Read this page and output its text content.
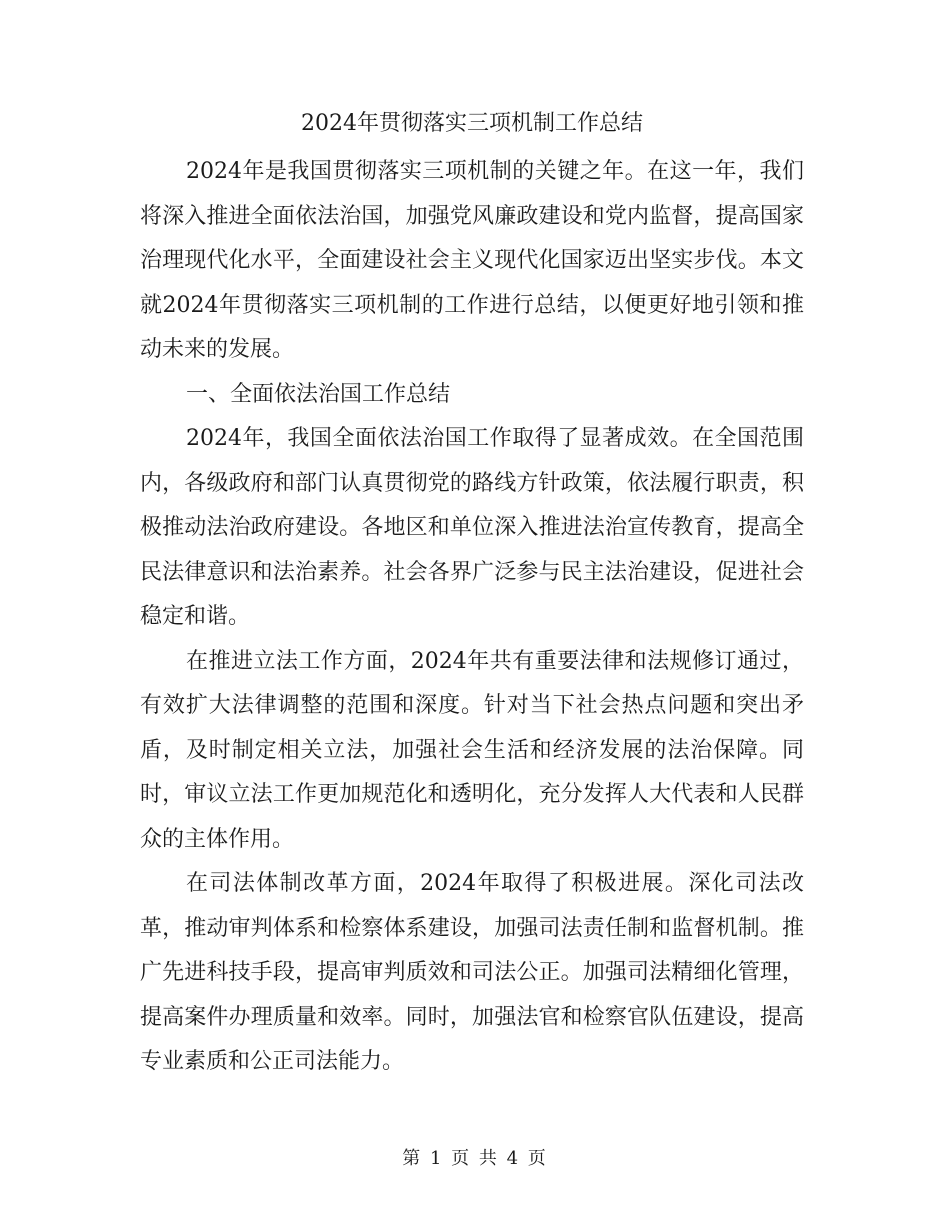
2024年贯彻落实三项机制工作总结

2024年是我国贯彻落实三项机制的关键之年。在这一年，我们将深入推进全面依法治国，加强党风廉政建设和党内监督，提高国家治理现代化水平，全面建设社会主义现代化国家迈出坚实步伐。本文就2024年贯彻落实三项机制的工作进行总结，以便更好地引领和推动未来的发展。

一、全面依法治国工作总结

2024年，我国全面依法治国工作取得了显著成效。在全国范围内，各级政府和部门认真贯彻党的路线方针政策，依法履行职责，积极推动法治政府建设。各地区和单位深入推进法治宣传教育，提高全民法律意识和法治素养。社会各界广泛参与民主法治建设，促进社会稳定和谐。

在推进立法工作方面，2024年共有重要法律和法规修订通过，有效扩大法律调整的范围和深度。针对当下社会热点问题和突出矛盾，及时制定相关立法，加强社会生活和经济发展的法治保障。同时，审议立法工作更加规范化和透明化，充分发挥人大代表和人民群众的主体作用。

在司法体制改革方面，2024年取得了积极进展。深化司法改革，推动审判体系和检察体系建设，加强司法责任制和监督机制。推广先进科技手段，提高审判质效和司法公正。加强司法精细化管理，提高案件办理质量和效率。同时，加强法官和检察官队伍建设，提高专业素质和公正司法能力。

第 1 页 共 4 页
